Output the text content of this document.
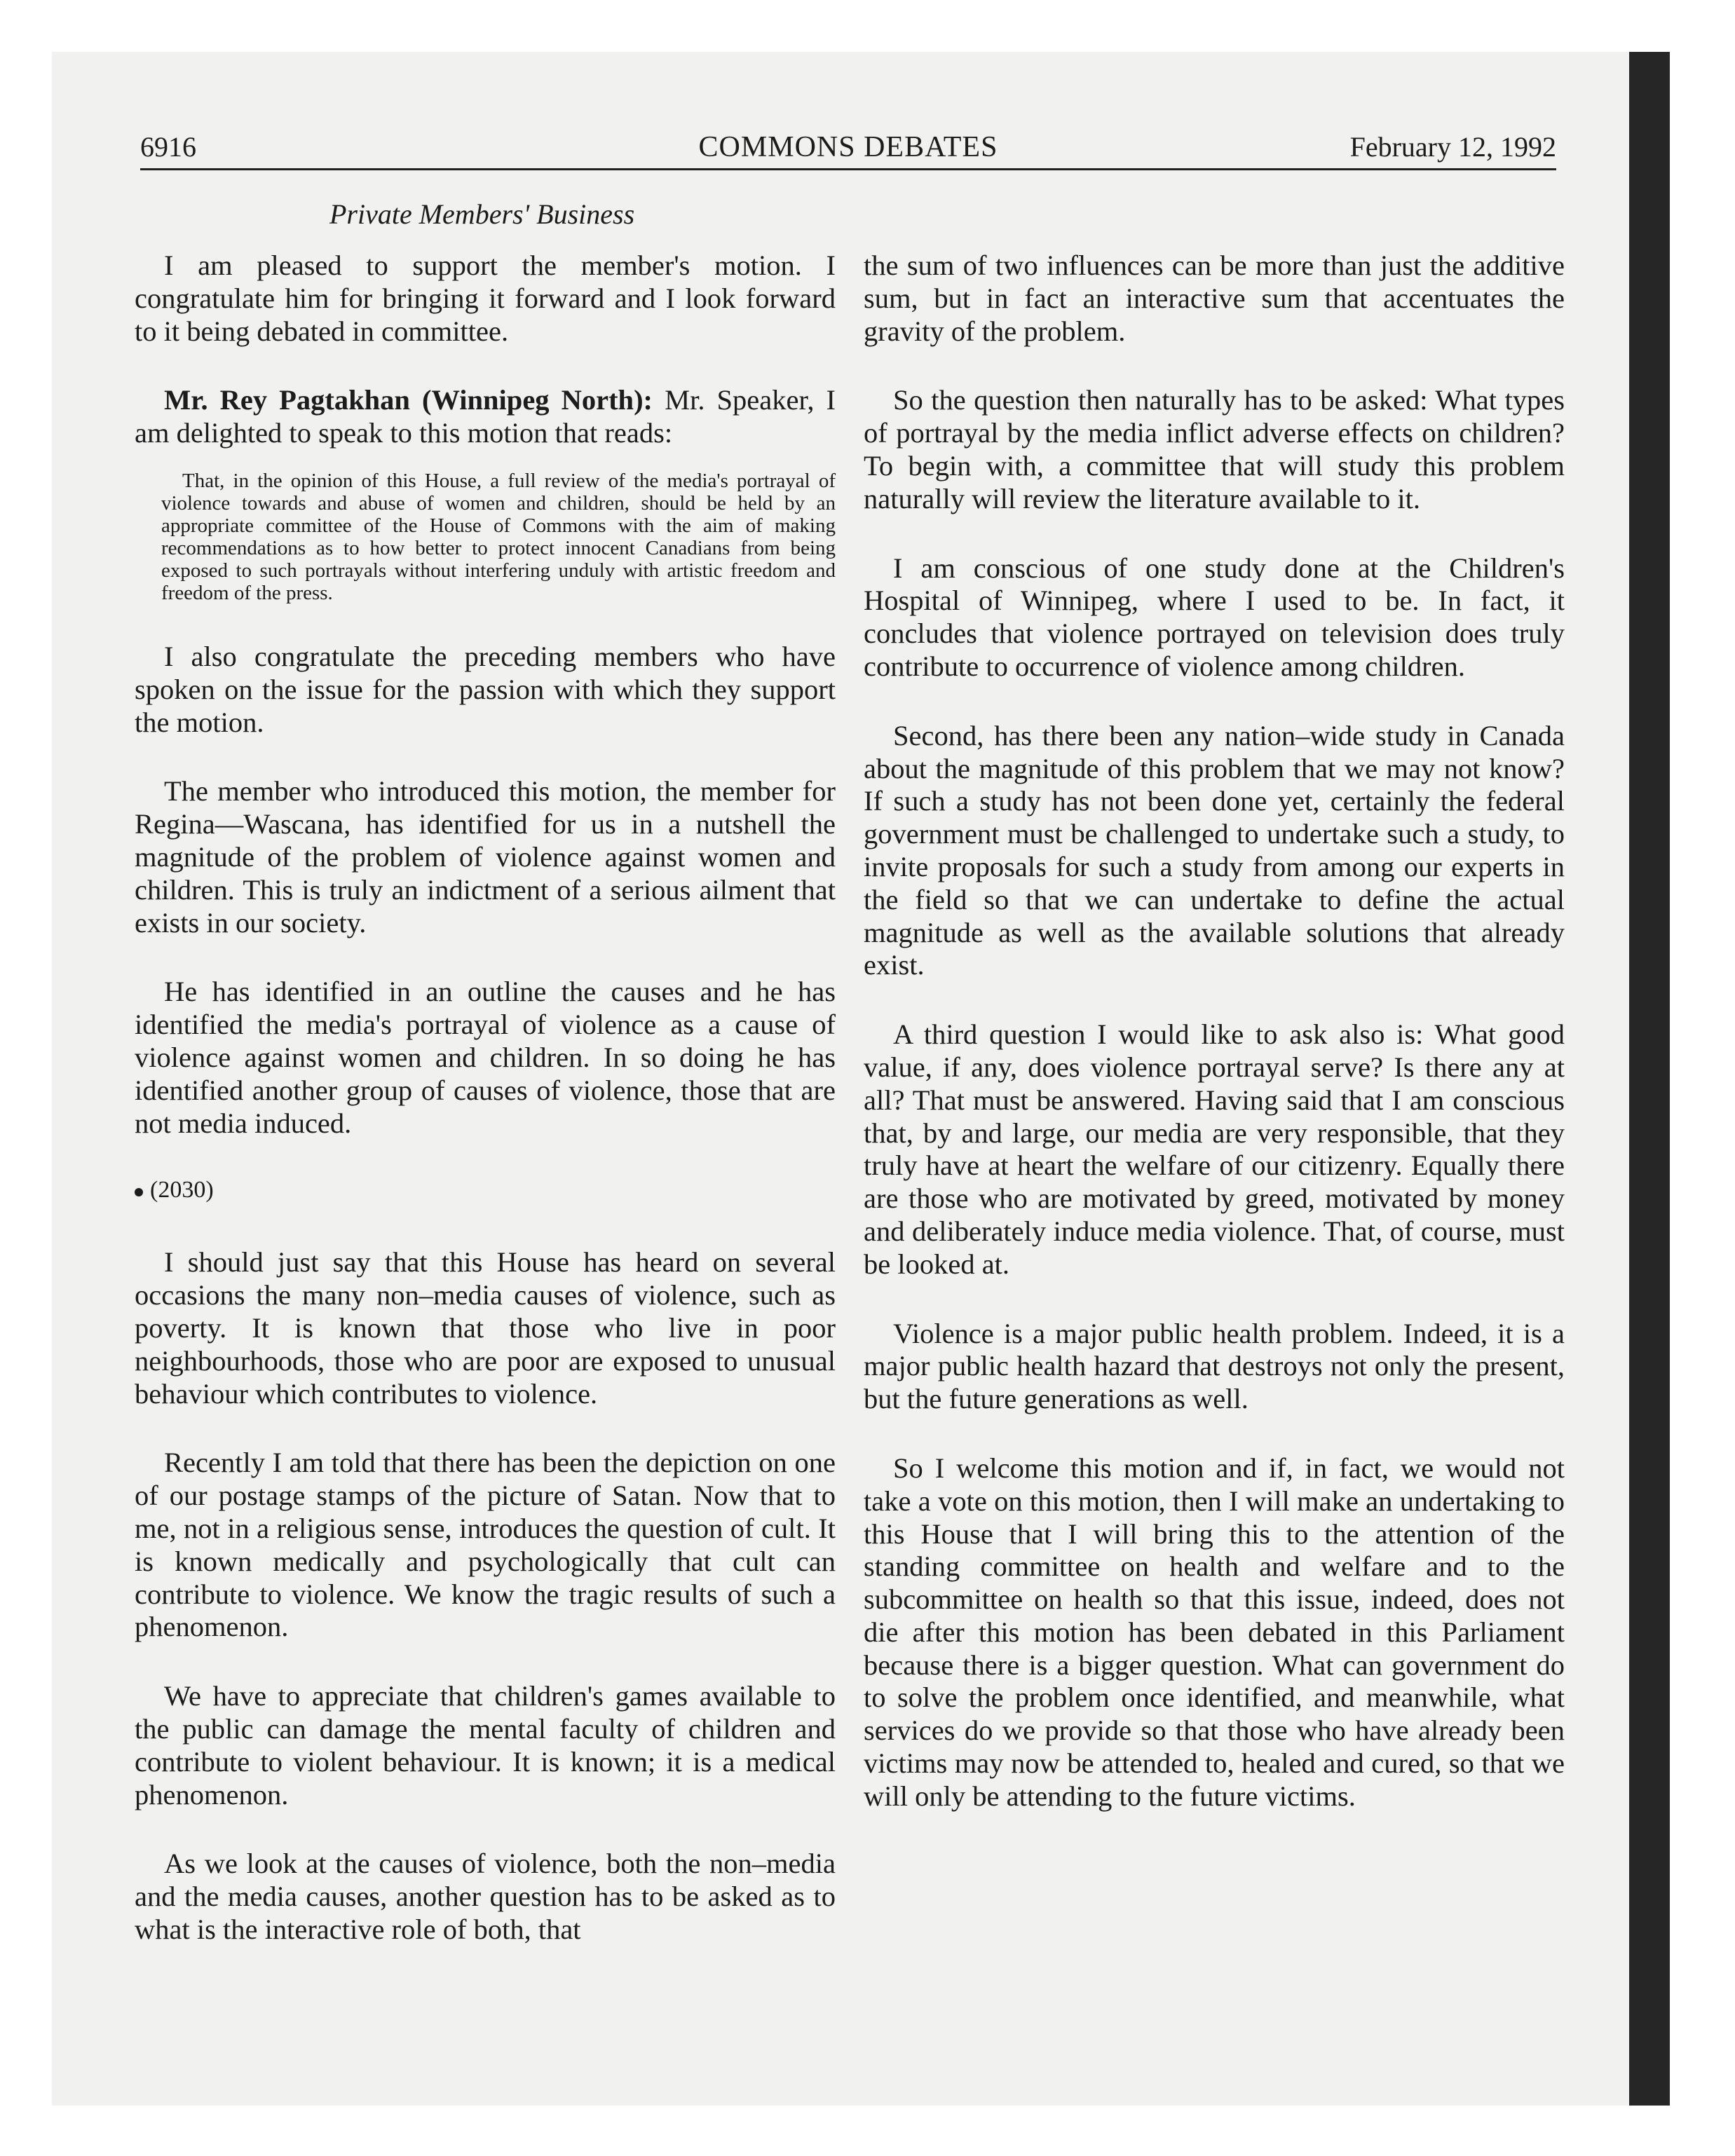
6916	COMMONS DEBATES	February 12, 1992
Private Members' Business

I am pleased to support the member's motion. I congratulate him for bringing it forward and I look forward to it being debated in committee.

Mr. Rey Pagtakhan (Winnipeg North): Mr. Speaker, I am delighted to speak to this motion that reads:

That, in the opinion of this House, a full review of the media's portrayal of violence towards and abuse of women and children, should be held by an appropriate committee of the House of Commons with the aim of making recommendations as to how better to protect innocent Canadians from being exposed to such portrayals without interfering unduly with artistic freedom and freedom of the press.

I also congratulate the preceding members who have spoken on the issue for the passion with which they support the motion.

The member who introduced this motion, the member for Regina—Wascana, has identified for us in a nutshell the magnitude of the problem of violence against women and children. This is truly an indictment of a serious ailment that exists in our society.

He has identified in an outline the causes and he has identified the media's portrayal of violence as a cause of violence against women and children. In so doing he has identified another group of causes of violence, those that are not media induced.

(2030)

I should just say that this House has heard on several occasions the many non–media causes of violence, such as poverty. It is known that those who live in poor neighbourhoods, those who are poor are exposed to unusual behaviour which contributes to violence.

Recently I am told that there has been the depiction on one of our postage stamps of the picture of Satan. Now that to me, not in a religious sense, introduces the question of cult. It is known medically and psychologically that cult can contribute to violence. We know the tragic results of such a phenomenon.

We have to appreciate that children's games available to the public can damage the mental faculty of children and contribute to violent behaviour. It is known; it is a medical phenomenon.

As we look at the causes of violence, both the non–media and the media causes, another question has to be asked as to what is the interactive role of both, that

the sum of two influences can be more than just the additive sum, but in fact an interactive sum that accentuates the gravity of the problem.

So the question then naturally has to be asked: What types of portrayal by the media inflict adverse effects on children? To begin with, a committee that will study this problem naturally will review the literature available to it.

I am conscious of one study done at the Children's Hospital of Winnipeg, where I used to be. In fact, it concludes that violence portrayed on television does truly contribute to occurrence of violence among children.

Second, has there been any nation–wide study in Canada about the magnitude of this problem that we may not know? If such a study has not been done yet, certainly the federal government must be challenged to undertake such a study, to invite proposals for such a study from among our experts in the field so that we can undertake to define the actual magnitude as well as the available solutions that already exist.

A third question I would like to ask also is: What good value, if any, does violence portrayal serve? Is there any at all? That must be answered. Having said that I am conscious that, by and large, our media are very responsible, that they truly have at heart the welfare of our citizenry. Equally there are those who are motivated by greed, motivated by money and deliberately induce media violence. That, of course, must be looked at.

Violence is a major public health problem. Indeed, it is a major public health hazard that destroys not only the present, but the future generations as well.

So I welcome this motion and if, in fact, we would not take a vote on this motion, then I will make an undertaking to this House that I will bring this to the attention of the standing committee on health and welfare and to the subcommittee on health so that this issue, indeed, does not die after this motion has been debated in this Parliament because there is a bigger question. What can government do to solve the problem once identified, and meanwhile, what services do we provide so that those who have already been victims may now be attended to, healed and cured, so that we will only be attending to the future victims.
